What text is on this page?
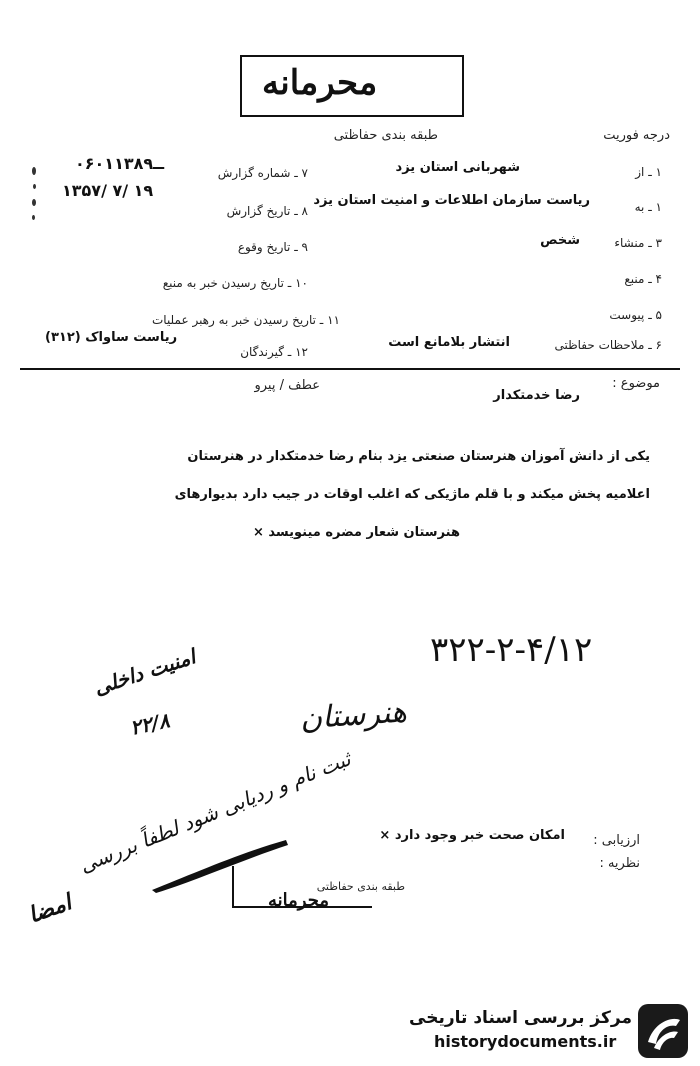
محرمانه
درجه فوریت
طبقه بندی حفاظتی
۱ ـ از
شهربانی استان یزد
۱ ـ به
ریاست سازمان اطلاعات و امنیت استان یزد
۳ ـ منشاء
شخص
۴ ـ منبع
۵ ـ پیوست
۶ ـ ملاحظات حفاظتی
انتشار بلامانع است
۷ ـ شماره گزارش
۰۶۰۱ــ۱۳۸۹
۸ ـ تاریخ گزارش
۱۳۵۷/ ۷/ ۱۹
۹ ـ تاریخ وقوع
۱۰ ـ تاریخ رسیدن خبر به منبع
۱۱ ـ تاریخ رسیدن خبر به رهبر عملیات
ریاست ساواک (۳۱۲)
۱۲ ـ گیرندگان
موضوع :
رضا خدمتکدار
عطف / پیرو
یکی از دانش آموزان هنرستان صنعتی یزد بنام رضا خدمتکدار در هنرستان
اعلامیه پخش میکند و با قلم ماژیکی که اغلب اوقات در جیب دارد بدیوارهای
هنرستان شعار مضره مینویسد ×
۳۲۲-۲-۴/۱۲
هنرستان
امنیت داخلی
۲۲/۸
ثبت نام و ردیابی شود لطفاً بررسی	ارزیابی :
امکان صحت خبر وجود دارد ×
نظریه :
طبقه بندی حفاظتی
محرمانه
امضا
مرکز بررسی اسناد تاریخی
historydocuments.ir
